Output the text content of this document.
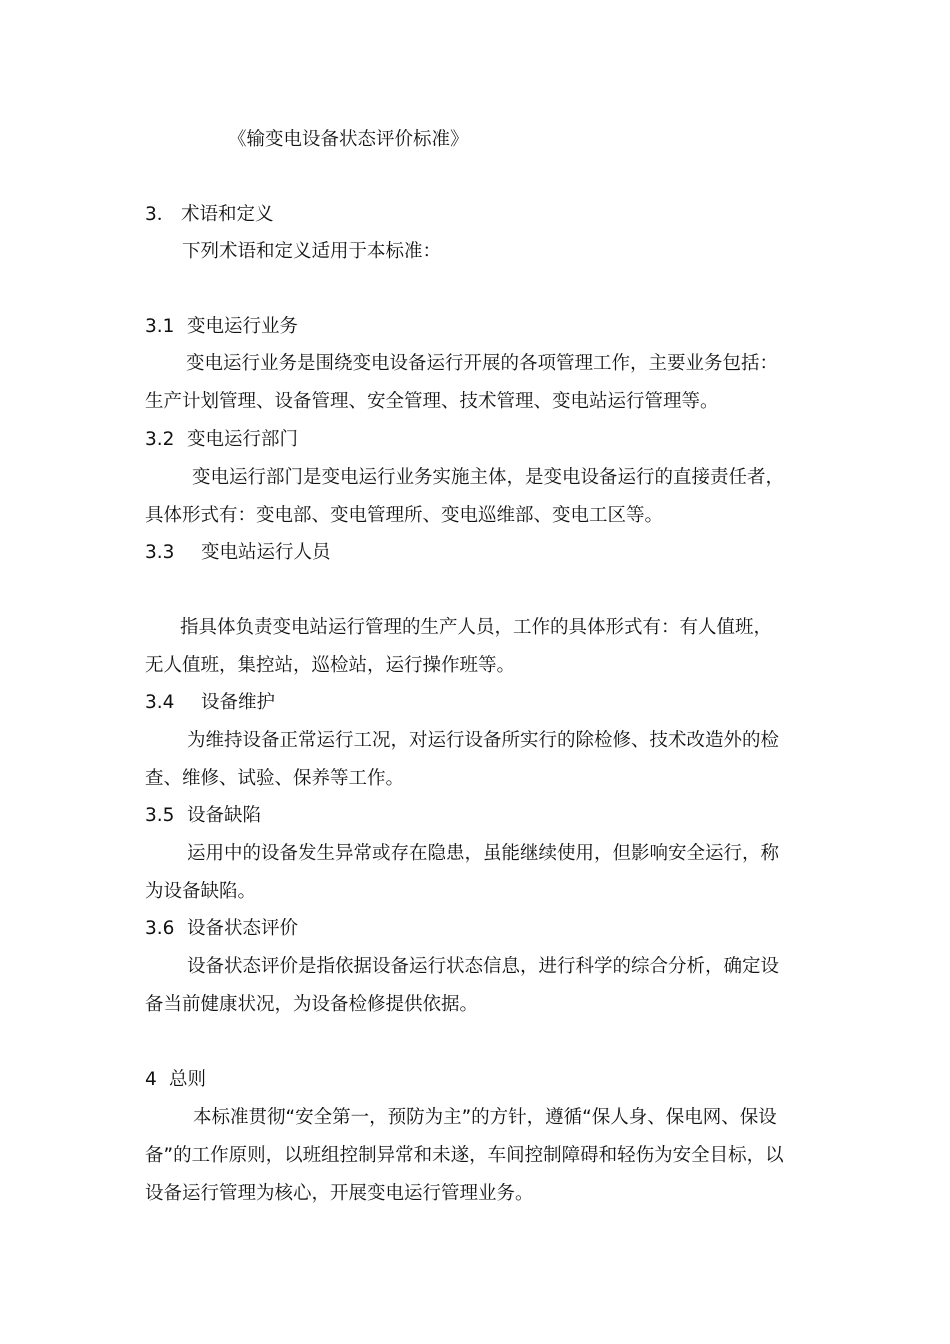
《输变电设备状态评价标准》

3． 术语和定义

下列术语和定义适用于本标准：

3.1 变电运行业务

变电运行业务是围绕变电设备运行开展的各项管理工作，主要业务包括：

生产计划管理、设备管理、安全管理、技术管理、变电站运行管理等。

3.2 变电运行部门

变电运行部门是变电运行业务实施主体，是变电设备运行的直接责任者，

具体形式有：变电部、变电管理所、变电巡维部、变电工区等。

3.3 变电站运行人员

指具体负责变电站运行管理的生产人员，工作的具体形式有：有人值班，

无人值班，集控站，巡检站，运行操作班等。

3.4 设备维护

为维持设备正常运行工况，对运行设备所实行的除检修、技术改造外的检

查、维修、试验、保养等工作。

3.5 设备缺陷

运用中的设备发生异常或存在隐患，虽能继续使用，但影响安全运行，称

为设备缺陷。

3.6 设备状态评价

设备状态评价是指依据设备运行状态信息，进行科学的综合分析，确定设

备当前健康状况，为设备检修提供依据。

4 总则

本标准贯彻“安全第一，预防为主”的方针，遵循“保人身、保电网、保设

备”的工作原则，以班组控制异常和未遂，车间控制障碍和轻伤为安全目标，以

设备运行管理为核心，开展变电运行管理业务。
